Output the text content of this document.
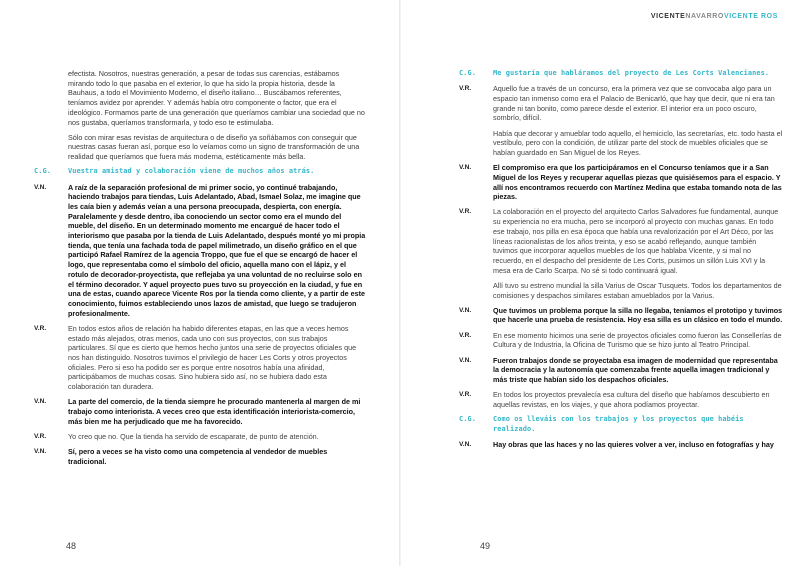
VICENTENAVARROVICENTE ROS
efectista. Nosotros, nuestras generación, a pesar de todas sus carencias, estábamos mirando todo lo que pasaba en el exterior, lo que ha sido la propia historia, desde la Bauhaus, a todo el Movimiento Moderno, el diseño italiano… Buscábamos referentes, teníamos avidez por aprender. Y además había otro componente o factor, que era el ideológico. Formamos parte de una generación que queríamos cambiar una sociedad que no nos gustaba, queríamos transformarla, y todo eso te estimulaba.
Sólo con mirar esas revistas de arquitectura o de diseño ya soñábamos con conseguir que nuestras casas fueran así, porque eso lo veíamos como un signo de transformación de una realidad que queríamos que fuera más moderna, estéticamente más bella.
C.G.	Vuestra amistad y colaboración viene de muchos años atrás.
V.N.	A raíz de la separación profesional de mi primer socio, yo continué trabajando, haciendo trabajos para tiendas, Luis Adelantado, Abad, Ismael Solaz, me imagine que les caía bien y además veían a una persona preocupada, despierta, con energía. Paralelamente y desde dentro, iba conociendo un sector como era el mundo del mueble, del diseño. En un determinado momento me encargué de hacer todo el interiorismo que pasaba por la tienda de Luis Adelantado, después monté yo mi propia tienda, que tenía una fachada toda de papel milimetrado, un diseño gráfico en el que participó Rafael Ramírez de la agencia Troppo, que fue el que se encargó de hacer el logo, que representaba como el símbolo del oficio, aquella mano con el lápiz, y el rotulo de decorador-proyectista, que reflejaba ya una voluntad de no recluirse solo en el término decorador. Y aquel proyecto pues tuvo su proyección en la ciudad, y fue en una de estas, cuando aparece Vicente Ros por la tienda como cliente, y a partir de este conocimiento, fuimos estableciendo unos lazos de amistad, que luego se tradujeron profesionalmente.
V.R.	En todos estos años de relación ha habido diferentes etapas, en las que a veces hemos estado más alejados, otras menos, cada uno con sus proyectos, con sus trabajos particulares. Sí que es cierto que hemos hecho juntos una serie de proyectos oficiales que nos han distinguido. Nosotros tuvimos el privilegio de hacer Les Corts y otros proyectos oficiales. Pero si eso ha podido ser es porque entre nosotros había una afinidad, participábamos de muchas cosas. Sino hubiera sido así, no se hubiera dado esta colaboración tan duradera.
V.N.	La parte del comercio, de la tienda siempre he procurado mantenerla al margen de mi trabajo como interiorista. A veces creo que esta identificación interiorista-comercio, más bien me ha perjudicado que me ha favorecido.
V.R.	Yo creo que no. Que la tienda ha servido de escaparate, de punto de atención.
V.N.	Sí, pero a veces se ha visto como una competencia al vendedor de muebles tradicional.
C.G.	Me gustaría que habláramos del proyecto de Les Corts Valencianes.
V.R.	Aquello fue a través de un concurso, era la primera vez que se convocaba algo para un espacio tan inmenso como era el Palacio de Benicarló, que hay que decir, que ni era tan grande ni tan bonito, como parece desde el exterior. El interior era un poco oscuro, sombrío, difícil.
Había que decorar y amueblar todo aquello, el hemiciclo, las secretarías, etc. todo hasta el vestíbulo, pero con la condición, de utilizar parte del stock de muebles oficiales que se habían guardado en San Miguel de los Reyes.
V.N.	El compromiso era que los participáramos en el Concurso teníamos que ir a San Miguel de los Reyes y recuperar aquellas piezas que quisiésemos para el espacio. Y allí nos encontramos recuerdo con Martínez Medina que estaba tomando nota de las piezas.
V.R.	La colaboración en el proyecto del arquitecto Carlos Salvadores fue fundamental, aunque su experiencia no era mucha, pero se incorporó al proyecto con muchas ganas. En todo ese trabajo, nos pilla en esa época que había una revalorización por el Art Déco, por las líneas racionalistas de los años treinta, y eso se acabó reflejando, aunque también tuvimos que incorporar aquellos muebles de los que hablaba Vicente, y si mal no recuerdo, en el despacho del presidente de Les Corts, pusimos un sillón Luis XVI y la mesa era de Carlo Scarpa. No sé si todo continuará igual.
Allí tuvo su estreno mundial la silla Varius de Oscar Tusquets. Todos los departamentos de comisiones y despachos similares estaban amueblados por la Varius.
V.N.	Que tuvimos un problema porque la silla no llegaba, teníamos el prototipo y tuvimos que hacerle una prueba de resistencia. Hoy esa silla es un clásico en todo el mundo.
V.R.	En ese momento hicimos una serie de proyectos oficiales como fueron las Consellerías de Cultura y de Industria, la Oficina de Turismo que se hizo junto al Teatro Principal.
V.N.	Fueron trabajos donde se proyectaba esa imagen de modernidad que representaba la democracia y la autonomía que comenzaba frente aquella imagen tradicional y más triste que habían sido los despachos oficiales.
V.R.	En todos los proyectos prevalecía esa cultura del diseño que habíamos descubierto en aquellas revistas, en los viajes, y que ahora podíamos proyectar.
C.G.	Como os lleváis con los trabajos y los proyectos que habéis realizado.
V.N.	Hay obras que las haces y no las quieres volver a ver, incluso en fotografías y hay
48	49
